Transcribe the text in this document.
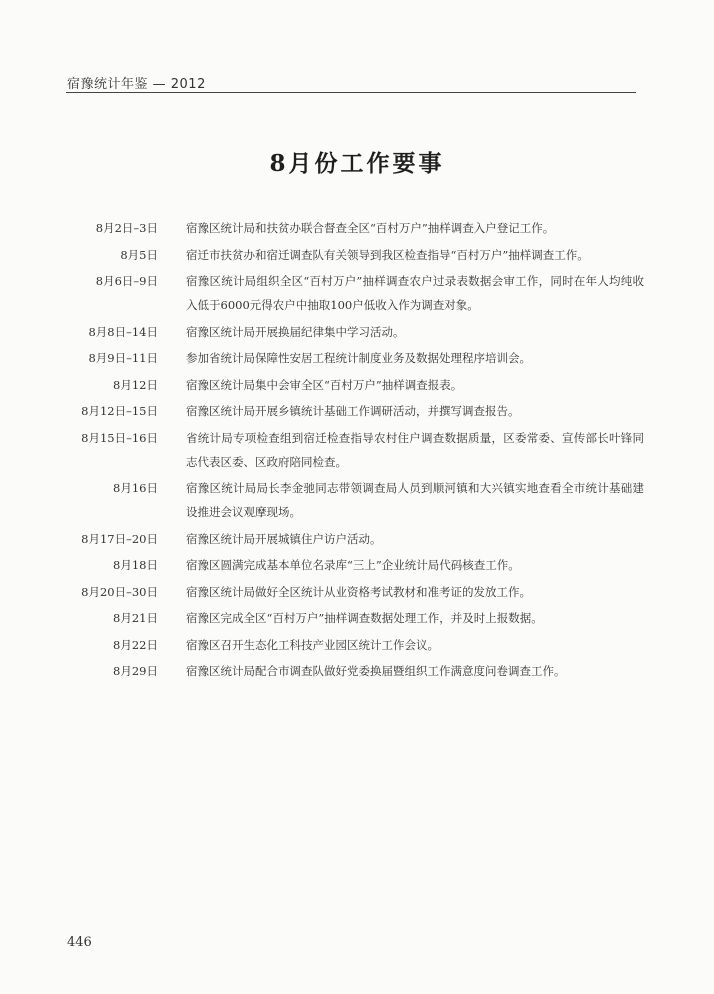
宿豫统计年鉴 — 2012
8月份工作要事
8月2日–3日 宿豫区统计局和扶贫办联合督查全区“百村万户”抽样调查入户登记工作。
8月5日 宿迁市扶贫办和宿迁调查队有关领导到我区检查指导“百村万户”抽样调查工作。
8月6日–9日 宿豫区统计局组织全区“百村万户”抽样调查农户过录表数据会审工作，同时在年人均纯收入低于6000元得农户中抽取100户低收入作为调查对象。
8月8日–14日 宿豫区统计局开展换届纪律集中学习活动。
8月9日–11日 参加省统计局保障性安居工程统计制度业务及数据处理程序培训会。
8月12日 宿豫区统计局集中会审全区“百村万户”抽样调查报表。
8月12日–15日 宿豫区统计局开展乡镇统计基础工作调研活动，并撰写调查报告。
8月15日–16日 省统计局专项检查组到宿迁检查指导农村住户调查数据质量，区委常委、宣传部长叶锋同志代表区委、区政府陪同检查。
8月16日 宿豫区统计局局长李金驰同志带领调查局人员到顺河镇和大兴镇实地查看全市统计基础建设推进会议观摩现场。
8月17日–20日 宿豫区统计局开展城镇住户访户活动。
8月18日 宿豫区圆满完成基本单位名录库“三上”企业统计局代码核查工作。
8月20日–30日 宿豫区统计局做好全区统计从业资格考试教材和准考证的发放工作。
8月21日 宿豫区完成全区“百村万户”抽样调查数据处理工作，并及时上报数据。
8月22日 宿豫区召开生态化工科技产业园区统计工作会议。
8月29日 宿豫区统计局配合市调查队做好党委换届暨组织工作满意度问卷调查工作。
446
